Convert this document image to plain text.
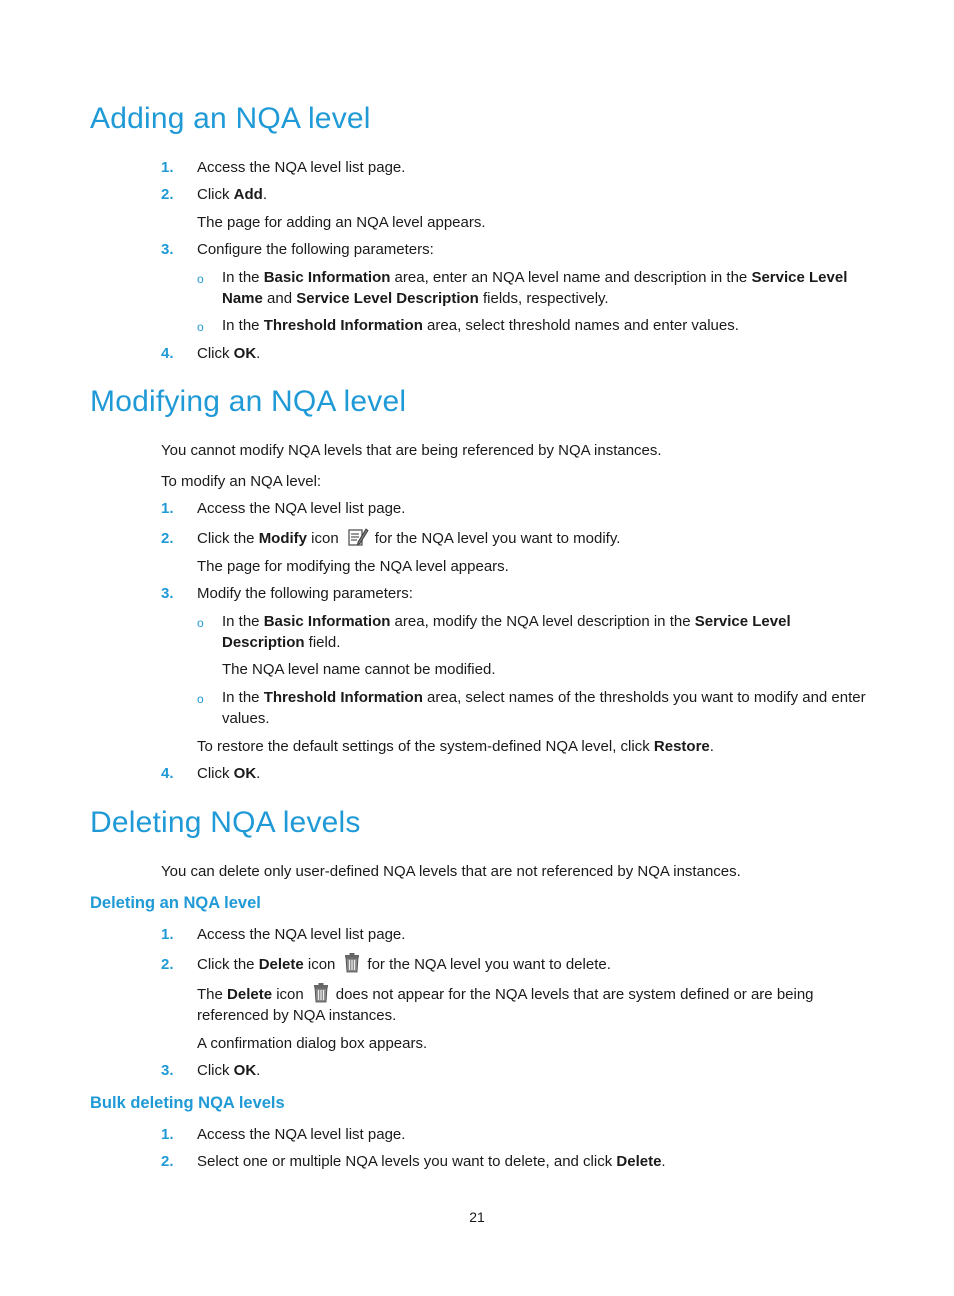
Adding an NQA level
1. Access the NQA level list page.
2. Click Add.
The page for adding an NQA level appears.
3. Configure the following parameters:
o In the Basic Information area, enter an NQA level name and description in the Service Level
Name and Service Level Description fields, respectively.
o In the Threshold Information area, select threshold names and enter values.
4. Click OK.
Modifying an NQA level
You cannot modify NQA levels that are being referenced by NQA instances.
To modify an NQA level:
1. Access the NQA level list page.
2. Click the Modify icon for the NQA level you want to modify.
The page for modifying the NQA level appears.
3. Modify the following parameters:
o In the Basic Information area, modify the NQA level description in the Service Level
Description field.
The NQA level name cannot be modified.
o In the Threshold Information area, select names of the thresholds you want to modify and enter
values.
To restore the default settings of the system-defined NQA level, click Restore.
4. Click OK.
Deleting NQA levels
You can delete only user-defined NQA levels that are not referenced by NQA instances.
Deleting an NQA level
1. Access the NQA level list page.
2. Click the Delete icon for the NQA level you want to delete.
The Delete icon does not appear for the NQA levels that are system defined or are being
referenced by NQA instances.
A confirmation dialog box appears.
3. Click OK.
Bulk deleting NQA levels
1. Access the NQA level list page.
2. Select one or multiple NQA levels you want to delete, and click Delete.
21
